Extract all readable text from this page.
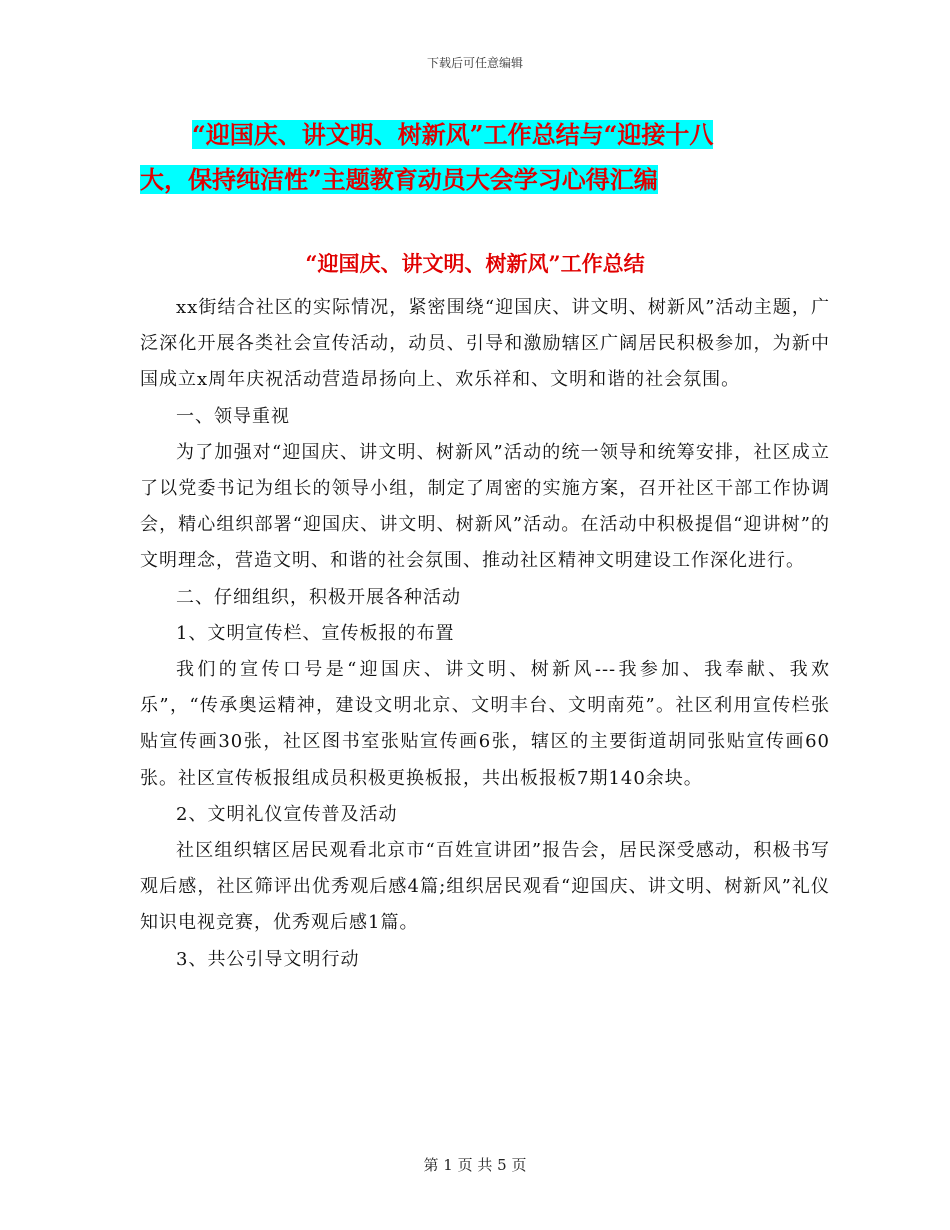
下载后可任意编辑
“迎国庆、讲文明、树新风”工作总结与“迎接十八
大，保持纯洁性”主题教育动员大会学习心得汇编
“迎国庆、讲文明、树新风”工作总结

xx街结合社区的实际情况，紧密围绕“迎国庆、讲文明、树新风”活动主题，广泛深化开展各类社会宣传活动，动员、引导和激励辖区广阔居民积极参加，为新中国成立x周年庆祝活动营造昂扬向上、欢乐祥和、文明和谐的社会氛围。

一、领导重视

为了加强对“迎国庆、讲文明、树新风”活动的统一领导和统筹安排，社区成立了以党委书记为组长的领导小组，制定了周密的实施方案，召开社区干部工作协调会，精心组织部署“迎国庆、讲文明、树新风”活动。在活动中积极提倡“迎讲树”的文明理念，营造文明、和谐的社会氛围、推动社区精神文明建设工作深化进行。

二、仔细组织，积极开展各种活动

1、文明宣传栏、宣传板报的布置

我们的宣传口号是“迎国庆、讲文明、树新风---我参加、我奉献、我欢乐”，“传承奥运精神，建设文明北京、文明丰台、文明南苑”。社区利用宣传栏张贴宣传画30张，社区图书室张贴宣传画6张，辖区的主要街道胡同张贴宣传画60张。社区宣传板报组成员积极更换板报，共出板报板7期140余块。

2、文明礼仪宣传普及活动

社区组织辖区居民观看北京市“百姓宣讲团”报告会，居民深受感动，积极书写观后感，社区筛评出优秀观后感4篇;组织居民观看“迎国庆、讲文明、树新风”礼仪知识电视竞赛，优秀观后感1篇。

3、共公引导文明行动

第 1 页 共 5 页
